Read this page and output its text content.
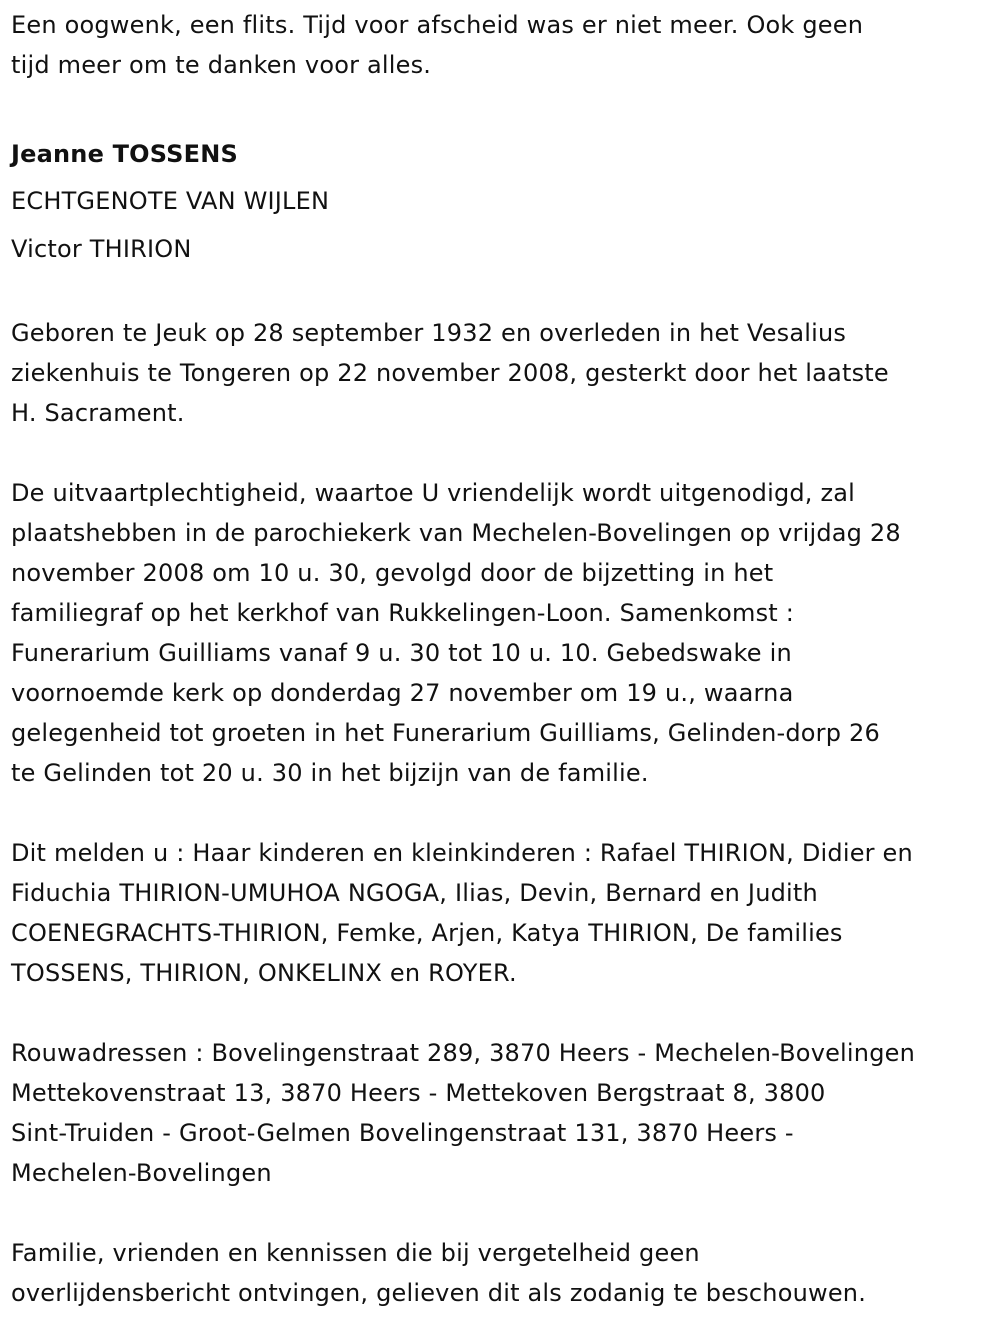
Een oogwenk, een flits. Tijd voor afscheid was er niet meer. Ook geen

tijd meer om te danken voor alles.

Jeanne TOSSENS

ECHTGENOTE VAN WIJLEN

Victor THIRION

Geboren te Jeuk op 28 september 1932 en overleden in het Vesalius

ziekenhuis te Tongeren op 22 november 2008, gesterkt door het laatste

H. Sacrament.

De uitvaartplechtigheid, waartoe U vriendelijk wordt uitgenodigd, zal

plaatshebben in de parochiekerk van Mechelen-Bovelingen op vrijdag 28

november 2008 om 10 u. 30, gevolgd door de bijzetting in het

familiegraf op het kerkhof van Rukkelingen-Loon. Samenkomst :

Funerarium Guilliams vanaf 9 u. 30 tot 10 u. 10. Gebedswake in

voornoemde kerk op donderdag 27 november om 19 u., waarna

gelegenheid tot groeten in het Funerarium Guilliams, Gelinden-dorp 26

te Gelinden tot 20 u. 30 in het bijzijn van de familie.

Dit melden u : Haar kinderen en kleinkinderen : Rafael THIRION, Didier en

Fiduchia THIRION-UMUHOA NGOGA, Ilias, Devin, Bernard en Judith

COENEGRACHTS-THIRION, Femke, Arjen, Katya THIRION, De families

TOSSENS, THIRION, ONKELINX en ROYER.

Rouwadressen : Bovelingenstraat 289, 3870 Heers - Mechelen-Bovelingen

Mettekovenstraat 13, 3870 Heers - Mettekoven Bergstraat 8, 3800

Sint-Truiden - Groot-Gelmen Bovelingenstraat 131, 3870 Heers -

Mechelen-Bovelingen

Familie, vrienden en kennissen die bij vergetelheid geen

overlijdensbericht ontvingen, gelieven dit als zodanig te beschouwen.
